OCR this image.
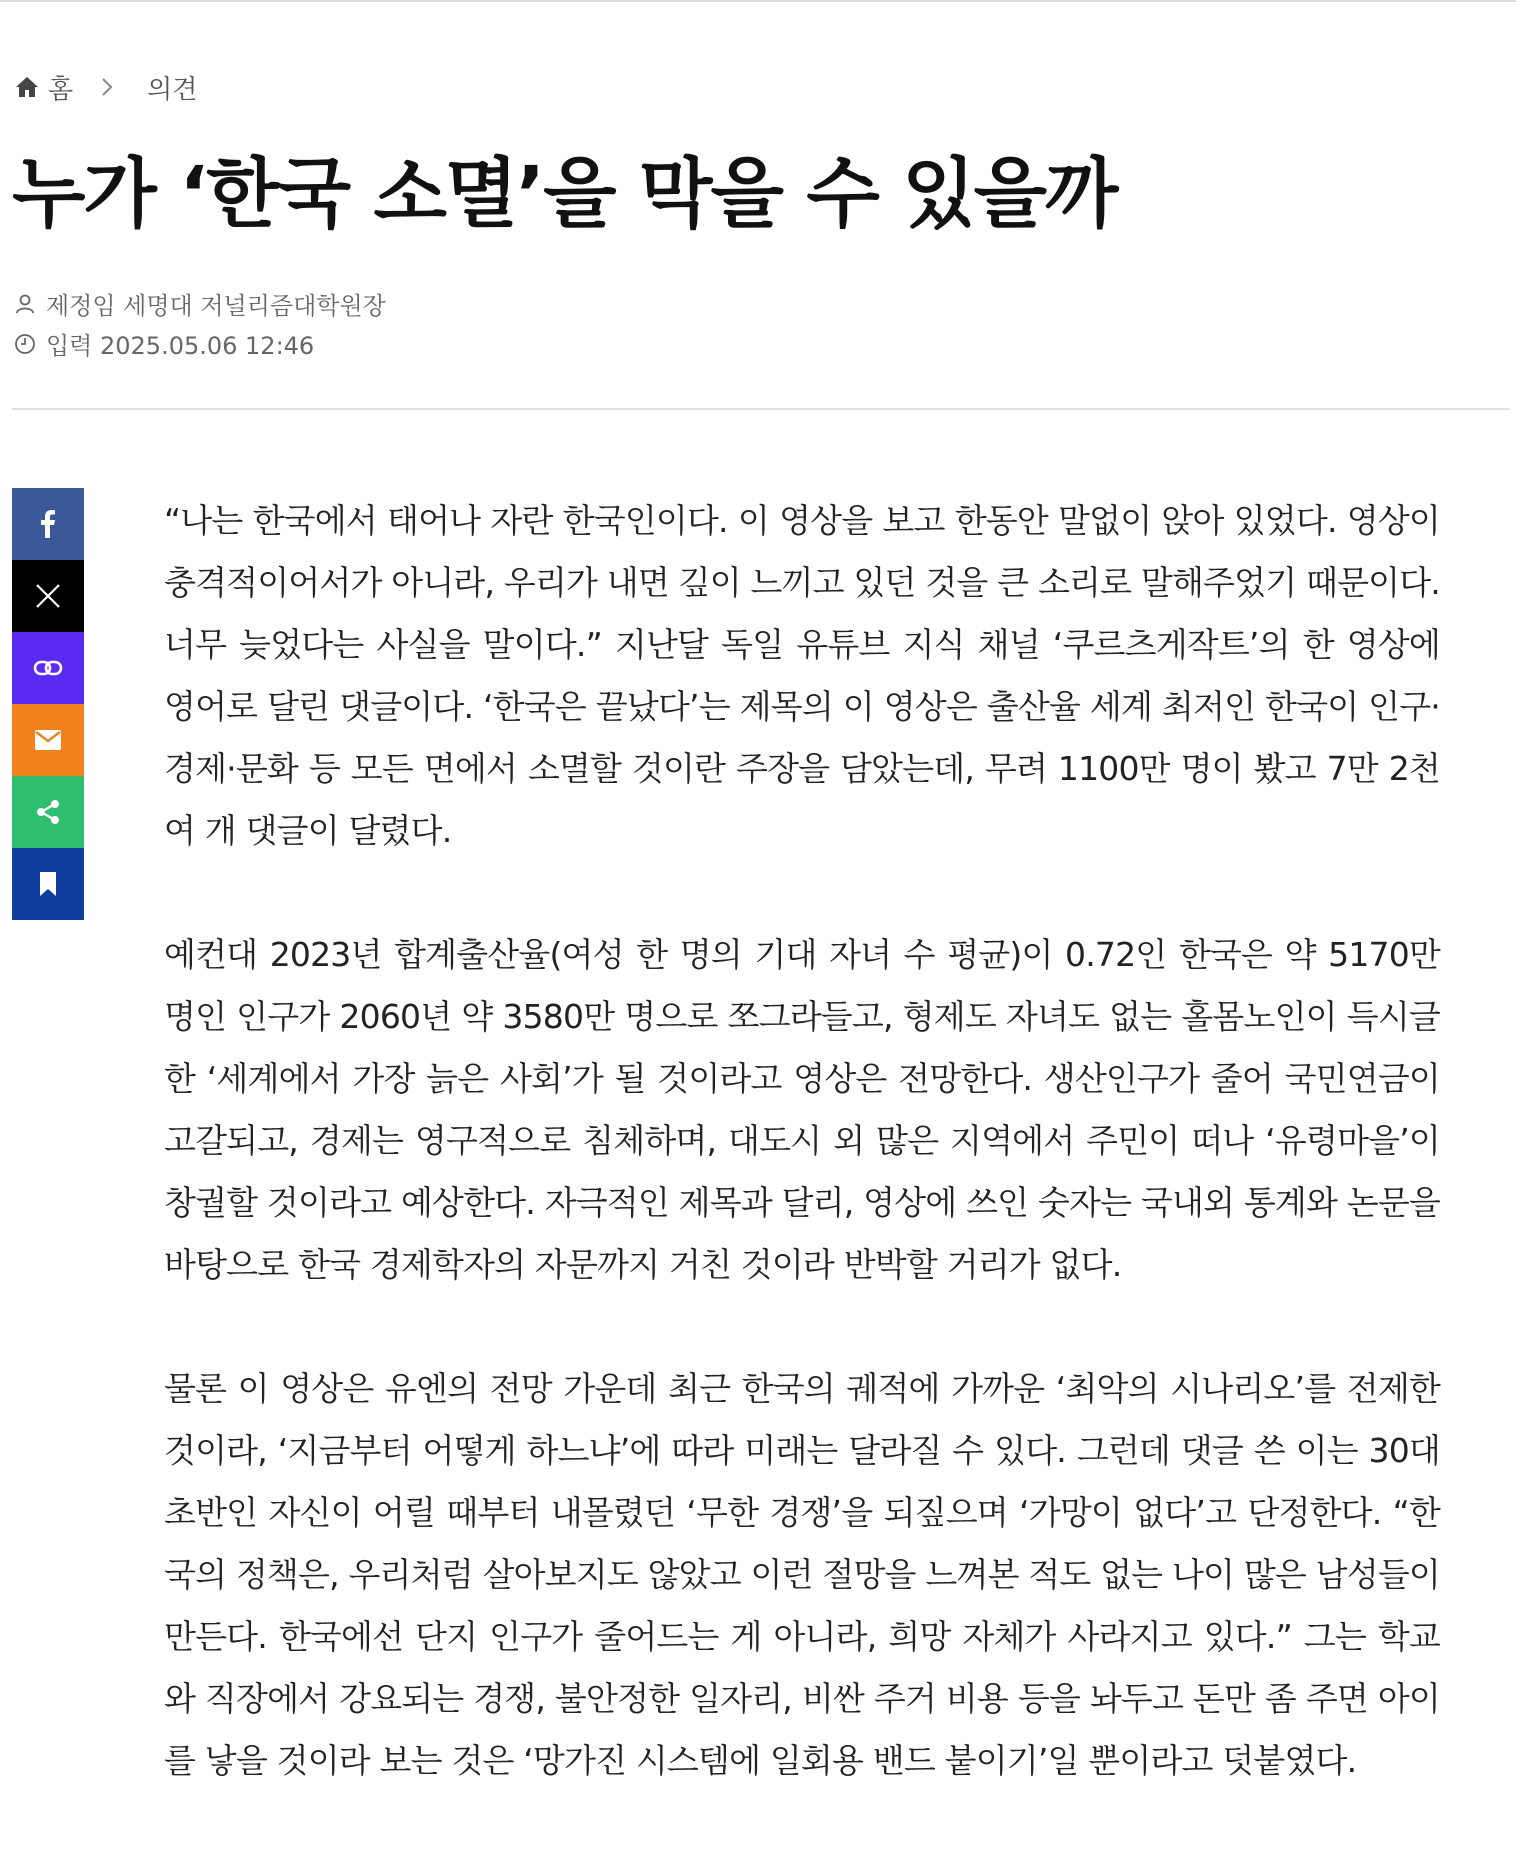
홈	의견
누가 ‘한국 소멸’을 막을 수 있을까
제정임 세명대 저널리즘대학원장
입력 2025.05.06 12:46

“나는 한국에서 태어나 자란 한국인이다. 이 영상을 보고 한동안 말없이 앉아 있었다. 영상이 충격적이어서가 아니라, 우리가 내면 깊이 느끼고 있던 것을 큰 소리로 말해주었기 때문이다. 너무 늦었다는 사실을 말이다.” 지난달 독일 유튜브 지식 채널 ‘쿠르츠게작트’의 한 영상에 영어로 달린 댓글이다. ‘한국은 끝났다’는 제목의 이 영상은 출산율 세계 최저인 한국이 인구·경제·문화 등 모든 면에서 소멸할 것이란 주장을 담았는데, 무려 1100만 명이 봤고 7만 2천여 개 댓글이 달렸다.

예컨대 2023년 합계출산율(여성 한 명의 기대 자녀 수 평균)이 0.72인 한국은 약 5170만 명인 인구가 2060년 약 3580만 명으로 쪼그라들고, 형제도 자녀도 없는 홀몸노인이 득시글한 ‘세계에서 가장 늙은 사회’가 될 것이라고 영상은 전망한다. 생산인구가 줄어 국민연금이 고갈되고, 경제는 영구적으로 침체하며, 대도시 외 많은 지역에서 주민이 떠나 ‘유령마을’이 창궐할 것이라고 예상한다. 자극적인 제목과 달리, 영상에 쓰인 숫자는 국내외 통계와 논문을 바탕으로 한국 경제학자의 자문까지 거친 것이라 반박할 거리가 없다.

물론 이 영상은 유엔의 전망 가운데 최근 한국의 궤적에 가까운 ‘최악의 시나리오’를 전제한 것이라, ‘지금부터 어떻게 하느냐’에 따라 미래는 달라질 수 있다. 그런데 댓글 쓴 이는 30대 초반인 자신이 어릴 때부터 내몰렸던 ‘무한 경쟁’을 되짚으며 ‘가망이 없다’고 단정한다. “한국의 정책은, 우리처럼 살아보지도 않았고 이런 절망을 느껴본 적도 없는 나이 많은 남성들이 만든다. 한국에선 단지 인구가 줄어드는 게 아니라, 희망 자체가 사라지고 있다.” 그는 학교와 직장에서 강요되는 경쟁, 불안정한 일자리, 비싼 주거 비용 등을 놔두고 돈만 좀 주면 아이를 낳을 것이라 보는 것은 ‘망가진 시스템에 일회용 밴드 붙이기’일 뿐이라고 덧붙였다.
